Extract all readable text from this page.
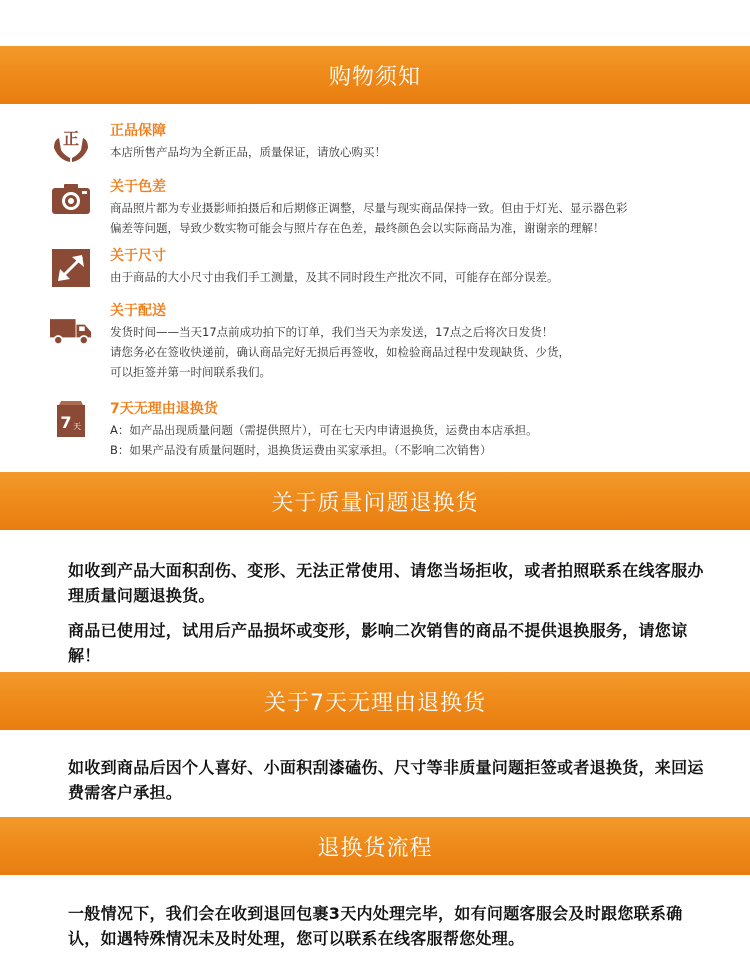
购物须知
正 正品保障
本店所售产品均为全新正品，质量保证，请放心购买！
关于色差
商品照片都为专业摄影师拍摄后和后期修正调整，尽量与现实商品保持一致。但由于灯光、显示器色彩
偏差等问题，导致少数实物可能会与照片存在色差，最终颜色会以实际商品为准，谢谢亲的理解！
关于尺寸
由于商品的大小尺寸由我们手工测量，及其不同时段生产批次不同，可能存在部分误差。
关于配送
发货时间——当天17点前成功拍下的订单，我们当天为亲发送，17点之后将次日发货！
请您务必在签收快递前，确认商品完好无损后再签收，如检验商品过程中发现缺货、少货，
可以拒签并第一时间联系我们。
7 天
7天无理由退换货
A：如产品出现质量问题（需提供照片），可在七天内申请退换货，运费由本店承担。
B：如果产品没有质量问题时，退换货运费由买家承担。（不影响二次销售）
关于质量问题退换货

如收到产品大面积刮伤、变形、无法正常使用、请您当场拒收，或者拍照联系在线客服办理质量问题退换货。

商品已使用过，试用后产品损坏或变形，影响二次销售的商品不提供退换服务，请您谅解！

关于7天无理由退换货

如收到商品后因个人喜好、小面积刮漆磕伤、尺寸等非质量问题拒签或者退换货，来回运费需客户承担。

退换货流程

一般情况下，我们会在收到退回包裹3天内处理完毕，如有问题客服会及时跟您联系确认，如遇特殊情况未及时处理，您可以联系在线客服帮您处理。
